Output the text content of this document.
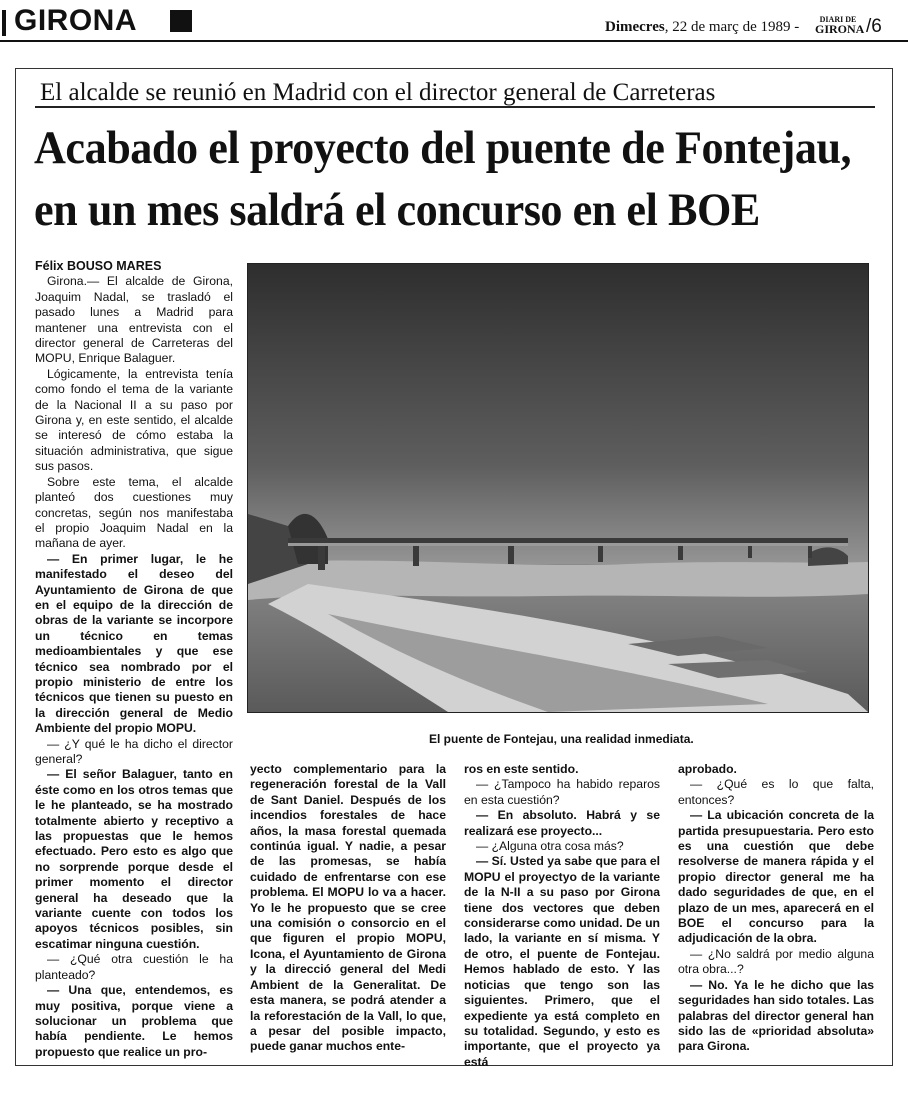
GIRONA	Dimecres, 22 de març de 1989 -	DIARI DE
GIRONA /6
El alcalde se reunió en Madrid con el director general de Carreteras
Acabado el proyecto del puente de Fontejau,
en un mes saldrá el concurso en el BOE

Félix BOUSO MARES

Girona.— El alcalde de Girona, Joaquim Nadal, se trasladó el pasado lunes a Madrid para mantener una entrevista con el director general de Carreteras del MOPU, Enrique Balaguer.

Lógicamente, la entrevista tenía como fondo el tema de la variante de la Nacional II a su paso por Girona y, en este sentido, el alcalde se interesó de cómo estaba la situación administrativa, que sigue sus pasos.

Sobre este tema, el alcalde planteó dos cuestiones muy concretas, según nos manifestaba el propio Joaquim Nadal en la mañana de ayer.

— En primer lugar, le he manifestado el deseo del Ayuntamiento de Girona de que en el equipo de la dirección de obras de la variante se incorpore un técnico en temas medioambientales y que ese técnico sea nombrado por el propio ministerio de entre los técnicos que tienen su puesto en la dirección general de Medio Ambiente del propio MOPU.

— ¿Y qué le ha dicho el director general?

— El señor Balaguer, tanto en éste como en los otros temas que le he planteado, se ha mostrado totalmente abierto y receptivo a las propuestas que le hemos efectuado. Pero esto es algo que no sorprende porque desde el primer momento el director general ha deseado que la variante cuente con todos los apoyos técnicos posibles, sin escatimar ninguna cuestión.

— ¿Qué otra cuestión le ha planteado?

— Una que, entendemos, es muy positiva, porque viene a solucionar un problema que había pendiente. Le hemos propuesto que realice un pro-

El puente de Fontejau, una realidad inmediata.

yecto complementario para la regeneración forestal de la Vall de Sant Daniel. Después de los incendios forestales de hace años, la masa forestal quemada continúa igual. Y nadie, a pesar de las promesas, se había cuidado de enfrentarse con ese problema. El MOPU lo va a hacer. Yo le he propuesto que se cree una comisión o consorcio en el que figuren el propio MOPU, Icona, el Ayuntamiento de Girona y la direcció general del Medi Ambient de la Generalitat. De esta manera, se podrá atender a la reforestación de la Vall, lo que, a pesar del posible impacto, puede ganar muchos ente-

ros en este sentido.

— ¿Tampoco ha habido reparos en esta cuestión?

— En absoluto. Habrá y se realizará ese proyecto...

— ¿Alguna otra cosa más?

— Sí. Usted ya sabe que para el MOPU el proyectyo de la variante de la N-II a su paso por Girona tiene dos vectores que deben considerarse como unidad. De un lado, la variante en sí misma. Y de otro, el puente de Fontejau. Hemos hablado de esto. Y las noticias que tengo son las siguientes. Primero, que el expediente ya está completo en su totalidad. Segundo, y esto es importante, que el proyecto ya está

aprobado.

— ¿Qué es lo que falta, entonces?

— La ubicación concreta de la partida presupuestaria. Pero esto es una cuestión que debe resolverse de manera rápida y el propio director general me ha dado seguridades de que, en el plazo de un mes, aparecerá en el BOE el concurso para la adjudicación de la obra.

— ¿No saldrá por medio alguna otra obra...?

— No. Ya le he dicho que las seguridades han sido totales. Las palabras del director general han sido las de «prioridad absoluta» para Girona.
